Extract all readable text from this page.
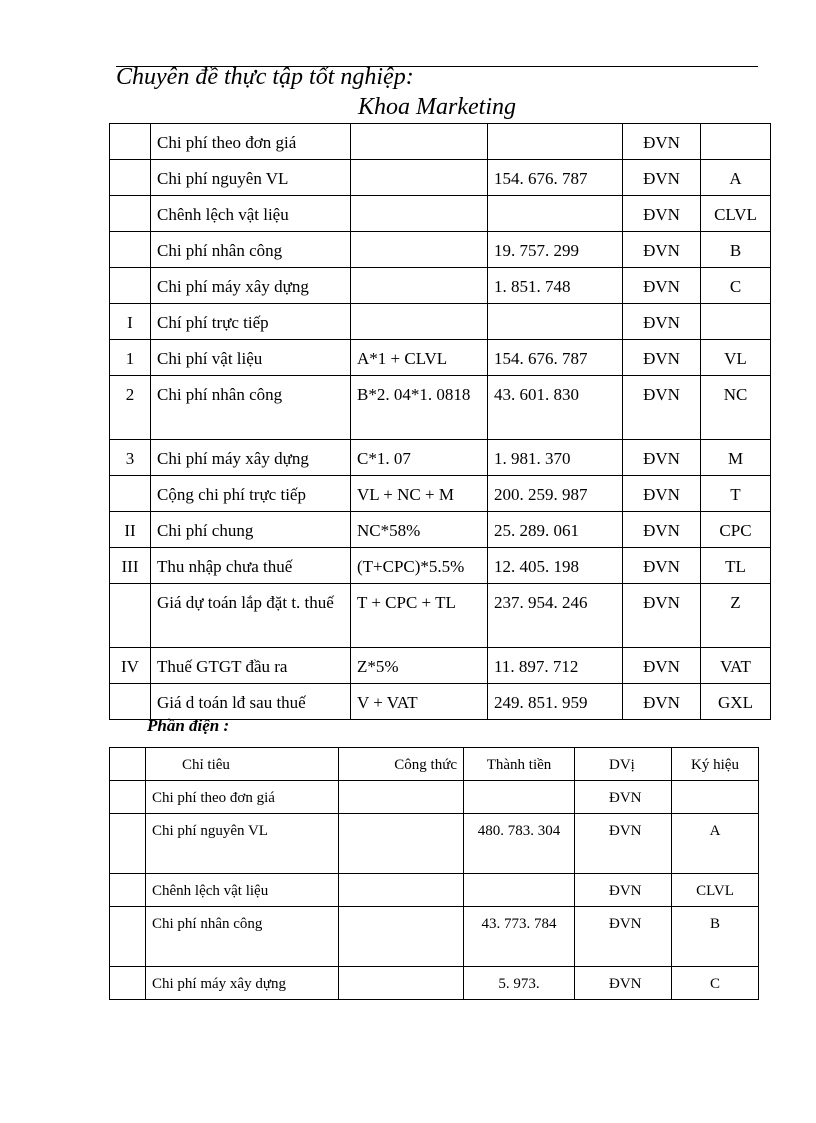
Chuyên đề thực tập tốt nghiệp:
Khoa Marketing
	Chi phí theo đơn giá			ĐVN	
	Chi phí nguyên VL		154. 676. 787	ĐVN	A
	Chênh lệch vật liệu			ĐVN	CLVL
	Chi phí nhân công		19. 757. 299	ĐVN	B
	Chi phí máy xây dựng		1. 851. 748	ĐVN	C
I	Chí phí trực tiếp			ĐVN	
1	Chi phí vật liệu	A*1 + CLVL	154. 676. 787	ĐVN	VL
2	Chi phí nhân công	B*2. 04*1. 0818	43. 601. 830	ĐVN	NC
3	Chi phí máy xây dựng	C*1. 07	1. 981. 370	ĐVN	M
	Cộng chi phí trực tiếp	VL + NC + M	200. 259. 987	ĐVN	T
II	Chi phí chung	NC*58%	25. 289. 061	ĐVN	CPC
III	Thu nhập chưa thuế	(T+CPC)*5.5%	12. 405. 198	ĐVN	TL
	Giá dự toán lắp đặt t. thuế	T + CPC + TL	237. 954. 246	ĐVN	Z
IV	Thuế GTGT đầu ra	Z*5%	11. 897. 712	ĐVN	VAT
	Giá d toán lđ sau thuế	V + VAT	249. 851. 959	ĐVN	GXL
Phần điện :
	Chỉ tiêu	Công thức	Thành tiền	DVị	Ký hiệu
	Chi phí theo đơn giá			ĐVN	
	Chi phí nguyên VL		480. 783. 304	ĐVN	A
	Chênh lệch vật liệu			ĐVN	CLVL
	Chi phí nhân công		43. 773. 784	ĐVN	B
	Chi phí máy xây dựng		5. 973.	ĐVN	C
